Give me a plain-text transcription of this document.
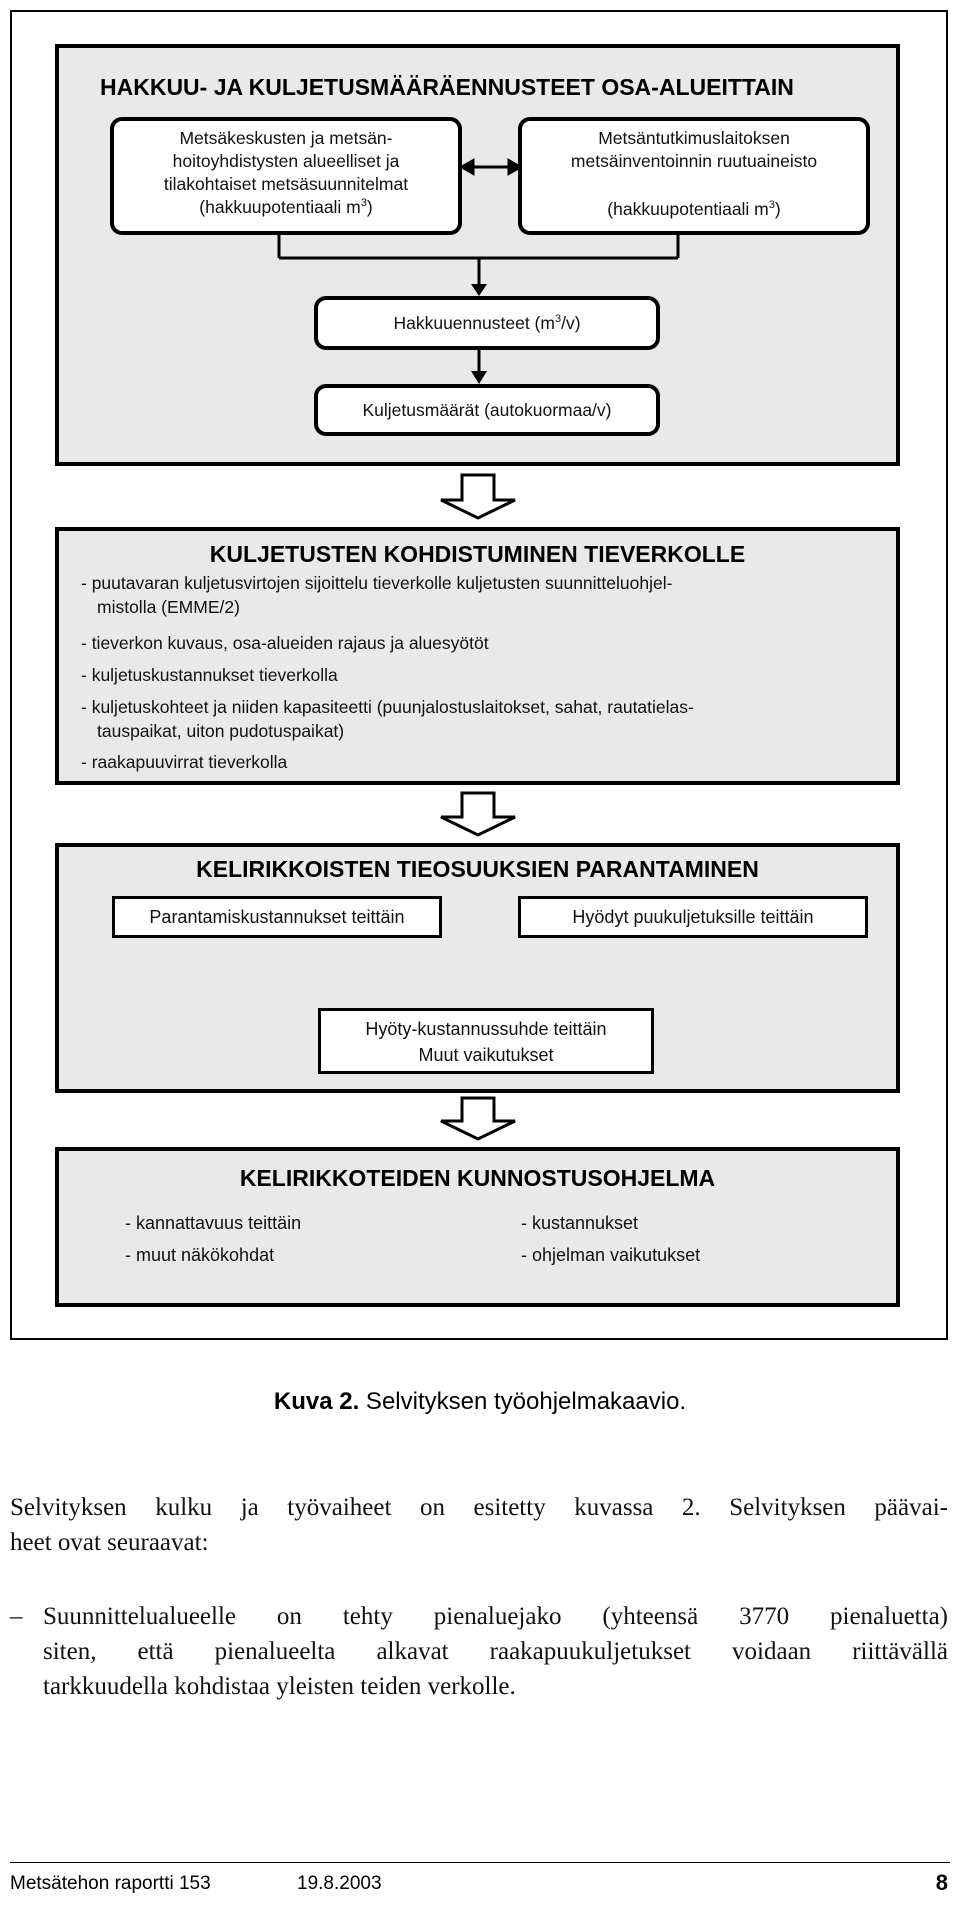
HAKKUU- JA KULJETUSMÄÄRÄENNUSTEET OSA-ALUEITTAIN
Metsäkeskusten ja metsän-
hoitoyhdistysten alueelliset ja
tilakohtaiset metsäsuunnitelmat
(hakkuupotentiaali $m^3$)
Metsäntutkimuslaitoksen
metsäinventoinnin ruutuaineisto
(hakkuupotentiaali $m^3$)
Hakkuuennusteet $(m^3/v)$
Kuljetusmäärät (autokuormaa/v)
KULJETUSTEN KOHDISTUMINEN TIEVERKOLLE
- puutavaran kuljetusvirtojen sijoittelu tieverkolle kuljetusten suunnitteluohjel-
mistolla (EMME/2)
- tieverkon kuvaus, osa-alueiden rajaus ja aluesyötöt
- kuljetuskustannukset tieverkolla
- kuljetuskohteet ja niiden kapasiteetti (puunjalostuslaitokset, sahat, rautatielas-
tauspaikat, uiton pudotuspaikat)
- raakapuuvirrat tieverkolla
KELIRIKKOISTEN TIEOSUUKSIEN PARANTAMINEN
Parantamiskustannukset teittäin	Hyödyt puukuljetuksille teittäin
Hyöty-kustannussuhde teittäin
Muut vaikutukset
KELIRIKKOTEIDEN KUNNOSTUSOHJELMA
- kannattavuus teittäin
- muut näkökohdat
- kustannukset
- ohjelman vaikutukset
Kuva 2. Selvityksen työohjelmakaavio.
Selvityksen kulku ja työvaiheet on esitetty kuvassa 2. Selvityksen päävai-
heet ovat seuraavat:
– Suunnittelualueelle on tehty pienaluejako (yhteensä 3770 pienaluetta)
siten, että pienalueelta alkavat raakapuukuljetukset voidaan riittävällä
tarkkuudella kohdistaa yleisten teiden verkolle.
Metsätehon raportti 153	19.8.2003	8
